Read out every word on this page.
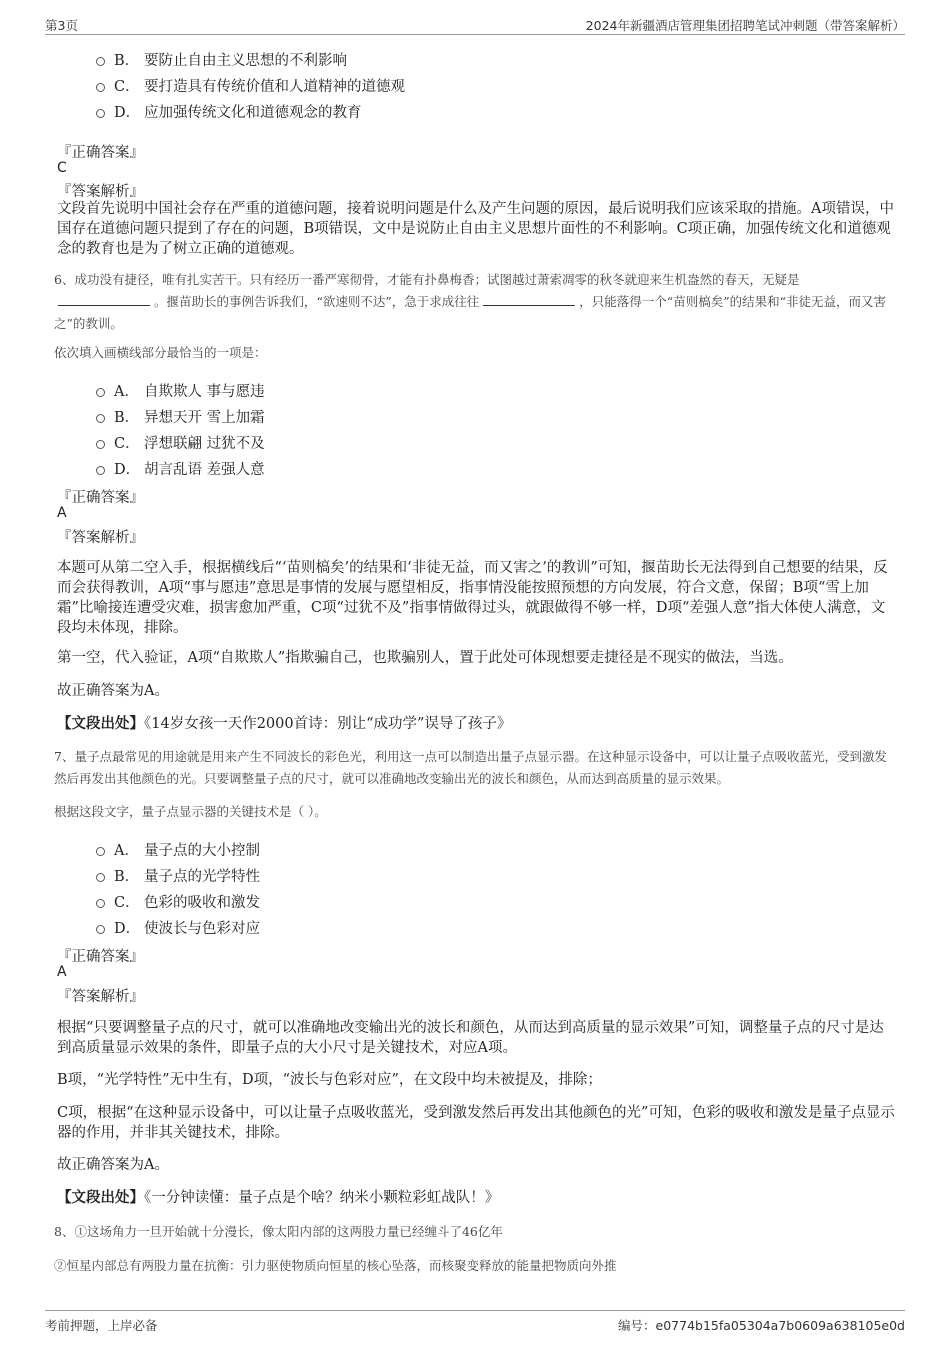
第3页	2024年新疆酒店管理集团招聘笔试冲刺题（带答案解析）
B． 要防止自由主义思想的不利影响
C． 要打造具有传统价值和人道精神的道德观
D． 应加强传统文化和道德观念的教育
『正确答案』
C
『答案解析』
文段首先说明中国社会存在严重的道德问题，接着说明问题是什么及产生问题的原因，最后说明我们应该采取的措施。A项错误，中国存在道德问题只提到了存在的问题，B项错误，文中是说防止自由主义思想片面性的不利影响。C项正确，加强传统文化和道德观念的教育也是为了树立正确的道德观。
6、成功没有捷径，唯有扎实苦干。只有经历一番严寒彻骨，才能有扑鼻梅香；试图越过萧索凋零的秋冬就迎来生机盎然的春天，无疑是。揠苗助长的事例告诉我们，“欲速则不达”，急于求成往往	，只能落得一个“苗则槁矣”的结果和“非徒无益，而又害之”的教训。
依次填入画横线部分最恰当的一项是：
A． 自欺欺人 事与愿违
B． 异想天开 雪上加霜
C． 浮想联翩 过犹不及
D． 胡言乱语 差强人意
『正确答案』
A
『答案解析』
本题可从第二空入手，根据横线后“‘苗则槁矣’的结果和‘非徒无益，而又害之’的教训”可知，揠苗助长无法得到自己想要的结果，反而会获得教训，A项“事与愿违”意思是事情的发展与愿望相反，指事情没能按照预想的方向发展，符合文意，保留；B项“雪上加霜”比喻接连遭受灾难，损害愈加严重，C项“过犹不及”指事情做得过头，就跟做得不够一样，D项“差强人意”指大体使人满意，文段均未体现，排除。
第一空，代入验证，A项“自欺欺人”指欺骗自己，也欺骗别人，置于此处可体现想要走捷径是不现实的做法，当选。
故正确答案为A。
【文段出处】《14岁女孩一天作2000首诗：别让“成功学”误导了孩子》
7、量子点最常见的用途就是用来产生不同波长的彩色光，利用这一点可以制造出量子点显示器。在这种显示设备中，可以让量子点吸收蓝光，受到激发然后再发出其他颜色的光。只要调整量子点的尺寸，就可以准确地改变输出光的波长和颜色，从而达到高质量的显示效果。
根据这段文字，量子点显示器的关键技术是（ ）。
A． 量子点的大小控制
B． 量子点的光学特性
C． 色彩的吸收和激发
D． 使波长与色彩对应
『正确答案』
A
『答案解析』
根据“只要调整量子点的尺寸，就可以准确地改变输出光的波长和颜色，从而达到高质量的显示效果”可知，调整量子点的尺寸是达到高质量显示效果的条件，即量子点的大小尺寸是关键技术，对应A项。
B项，“光学特性”无中生有，D项，“波长与色彩对应”，在文段中均未被提及，排除；
C项，根据“在这种显示设备中，可以让量子点吸收蓝光，受到激发然后再发出其他颜色的光”可知，色彩的吸收和激发是量子点显示器的作用，并非其关键技术，排除。
故正确答案为A。
【文段出处】《一分钟读懂：量子点是个啥？纳米小颗粒彩虹战队！》
8、①这场角力一旦开始就十分漫长，像太阳内部的这两股力量已经缠斗了46亿年
②恒星内部总有两股力量在抗衡：引力驱使物质向恒星的核心坠落，而核聚变释放的能量把物质向外推
考前押题，上岸必备	编号：e0774b15fa05304a7b0609a638105e0d
